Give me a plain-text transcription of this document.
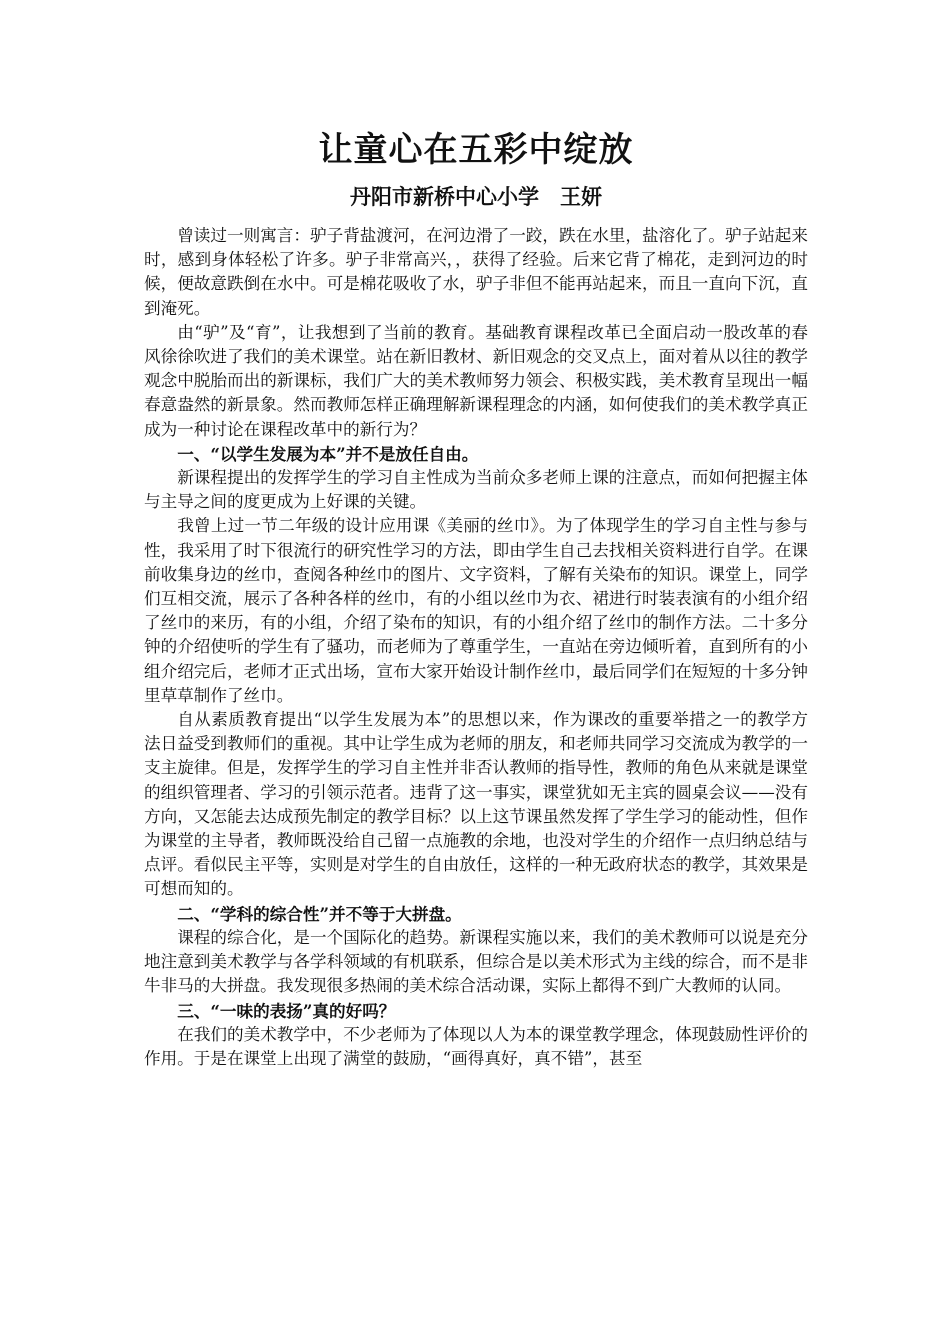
让童心在五彩中绽放
丹阳市新桥中心小学　王妍

曾读过一则寓言：驴子背盐渡河，在河边滑了一跤，跌在水里，盐溶化了。驴子站起来时，感到身体轻松了许多。驴子非常高兴，，获得了经验。后来它背了棉花，走到河边的时候，便故意跌倒在水中。可是棉花吸收了水，驴子非但不能再站起来，而且一直向下沉，直到淹死。

由“驴”及“育”，让我想到了当前的教育。基础教育课程改革已全面启动一股改革的春风徐徐吹进了我们的美术课堂。站在新旧教材、新旧观念的交叉点上，面对着从以往的教学观念中脱胎而出的新课标，我们广大的美术教师努力领会、积极实践，美术教育呈现出一幅春意盎然的新景象。然而教师怎样正确理解新课程理念的内涵，如何使我们的美术教学真正成为一种讨论在课程改革中的新行为？

一、“以学生发展为本”并不是放任自由。

新课程提出的发挥学生的学习自主性成为当前众多老师上课的注意点，而如何把握主体与主导之间的度更成为上好课的关键。

我曾上过一节二年级的设计应用课《美丽的丝巾》。为了体现学生的学习自主性与参与性，我采用了时下很流行的研究性学习的方法，即由学生自己去找相关资料进行自学。在课前收集身边的丝巾，查阅各种丝巾的图片、文字资料，了解有关染布的知识。课堂上，同学们互相交流，展示了各种各样的丝巾，有的小组以丝巾为衣、裙进行时装表演有的小组介绍了丝巾的来历，有的小组，介绍了染布的知识，有的小组介绍了丝巾的制作方法。二十多分钟的介绍使听的学生有了骚功，而老师为了尊重学生，一直站在旁边倾听着，直到所有的小组介绍完后，老师才正式出场，宣布大家开始设计制作丝巾，最后同学们在短短的十多分钟里草草制作了丝巾。

自从素质教育提出“以学生发展为本”的思想以来，作为课改的重要举措之一的教学方法日益受到教师们的重视。其中让学生成为老师的朋友，和老师共同学习交流成为教学的一支主旋律。但是，发挥学生的学习自主性并非否认教师的指导性，教师的角色从来就是课堂的组织管理者、学习的引领示范者。违背了这一事实，课堂犹如无主宾的圆桌会议——没有方向，又怎能去达成预先制定的教学目标？以上这节课虽然发挥了学生学习的能动性，但作为课堂的主导者，教师既没给自己留一点施教的余地，也没对学生的介绍作一点归纳总结与点评。看似民主平等，实则是对学生的自由放任，这样的一种无政府状态的教学，其效果是可想而知的。

二、“学科的综合性”并不等于大拼盘。

课程的综合化，是一个国际化的趋势。新课程实施以来，我们的美术教师可以说是充分地注意到美术教学与各学科领域的有机联系，但综合是以美术形式为主线的综合，而不是非牛非马的大拼盘。我发现很多热闹的美术综合活动课，实际上都得不到广大教师的认同。

三、“一味的表扬”真的好吗？

在我们的美术教学中，不少老师为了体现以人为本的课堂教学理念，体现鼓励性评价的作用。于是在课堂上出现了满堂的鼓励，“画得真好，真不错”，甚至
